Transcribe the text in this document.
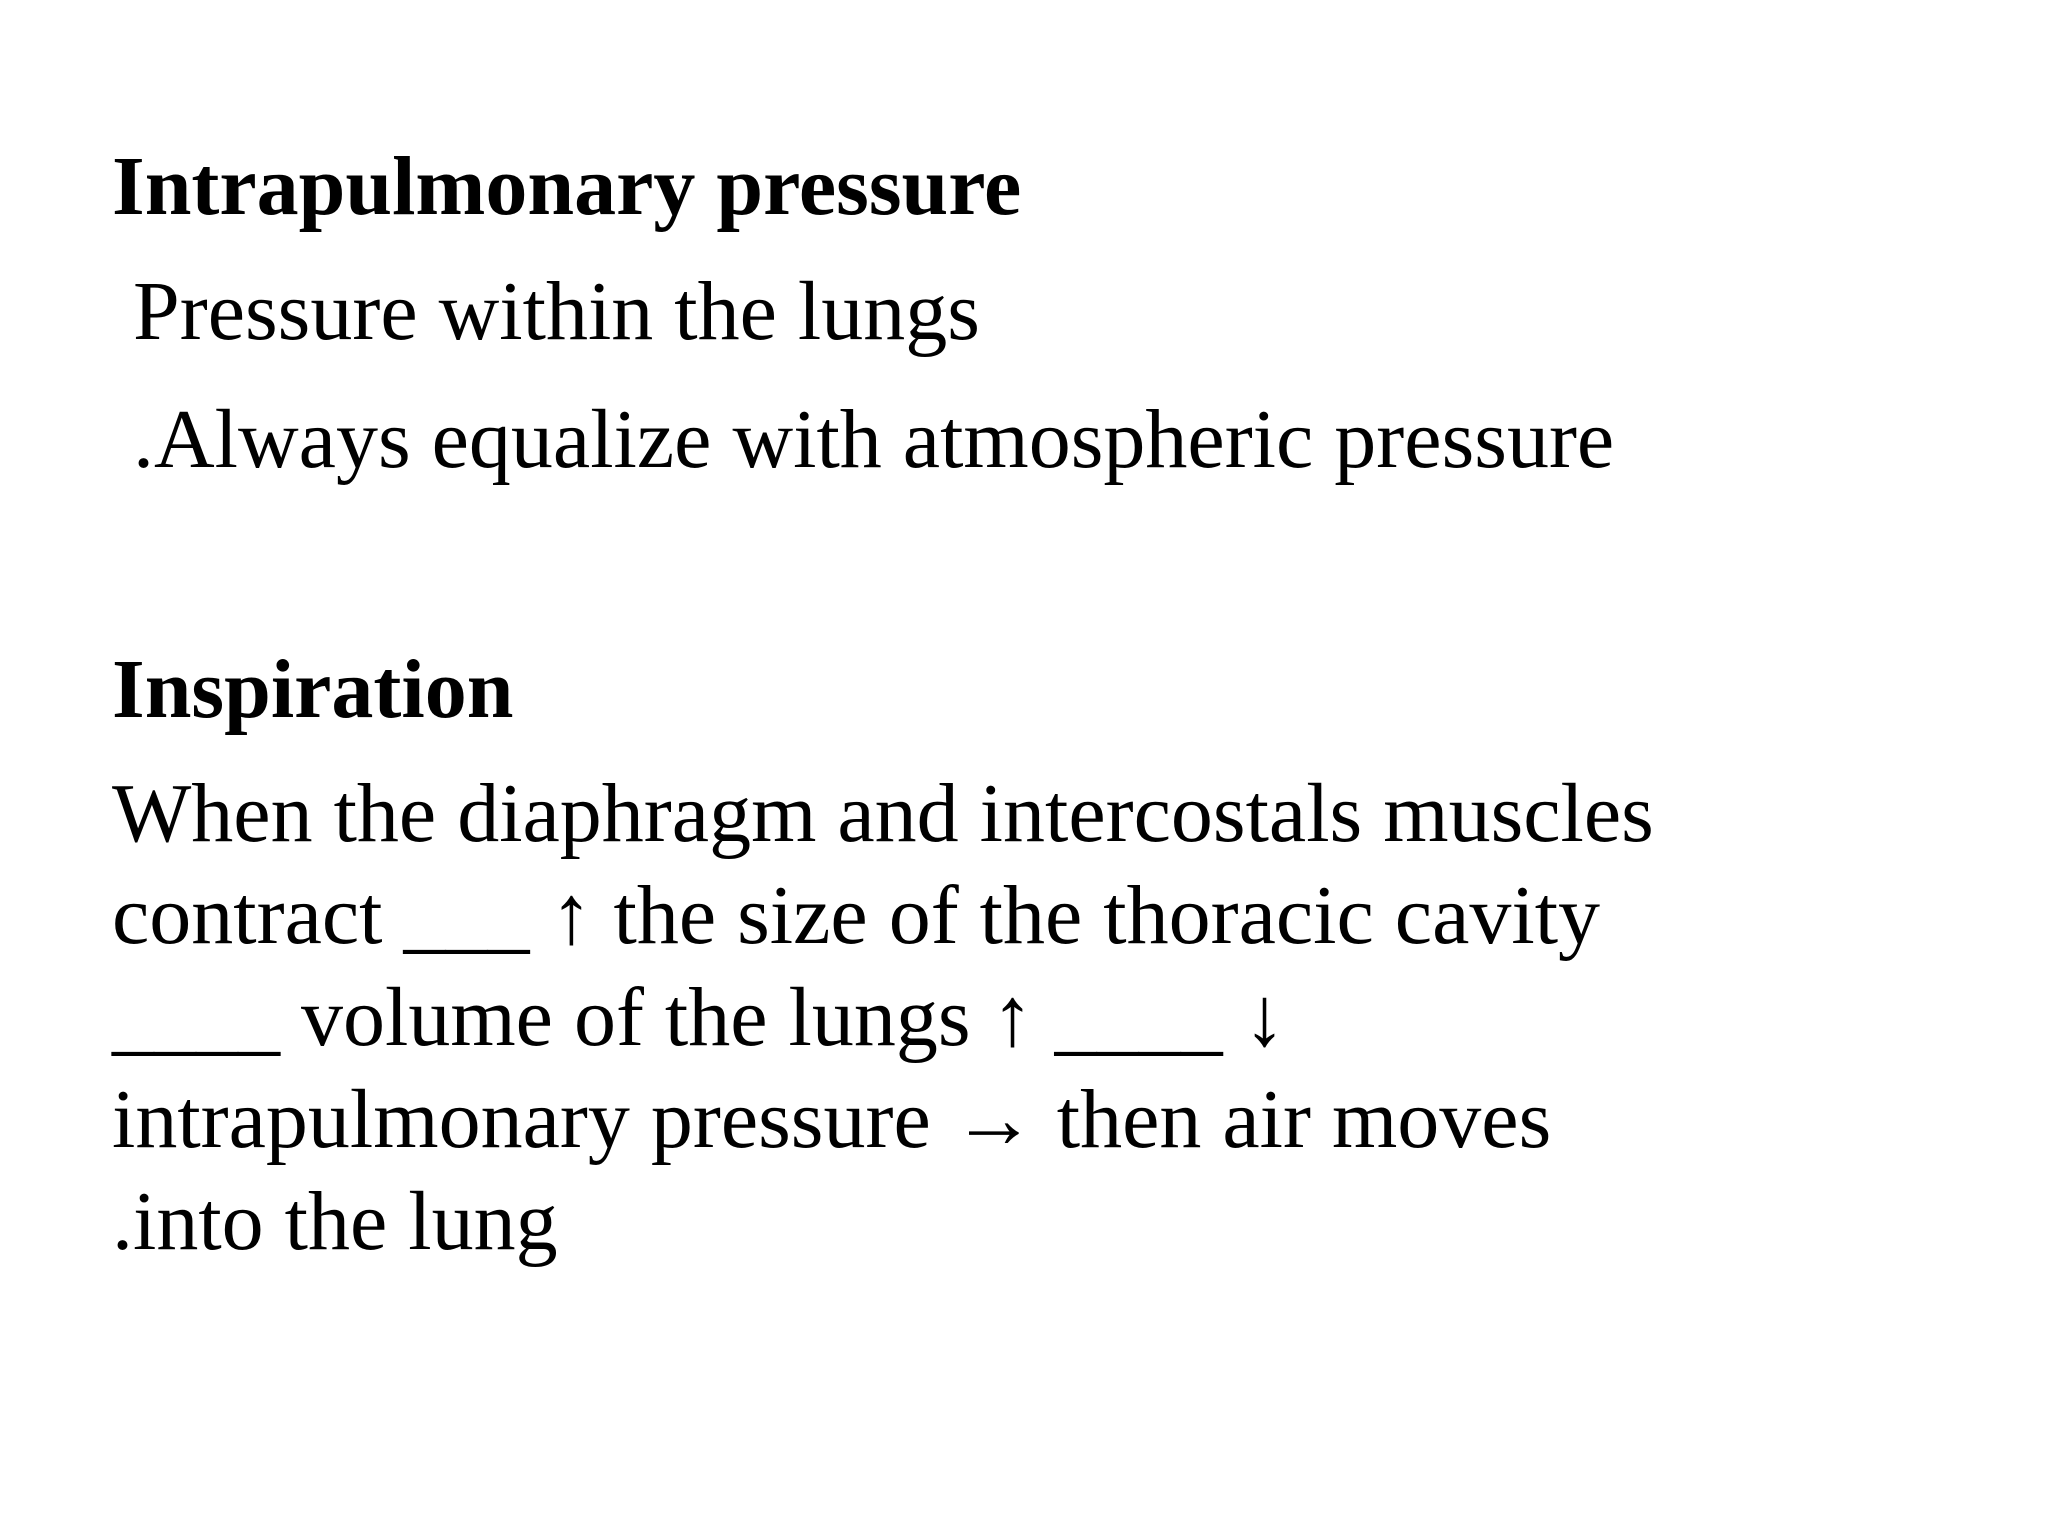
Intrapulmonary pressure
Pressure within the lungs
.Always equalize with atmospheric pressure
Inspiration
When the diaphragm and intercostals muscles
contract ___ ↑ the size of the thoracic cavity
____ volume of the lungs ↑ ____ ↓
intrapulmonary pressure → then air moves
.into the lung
